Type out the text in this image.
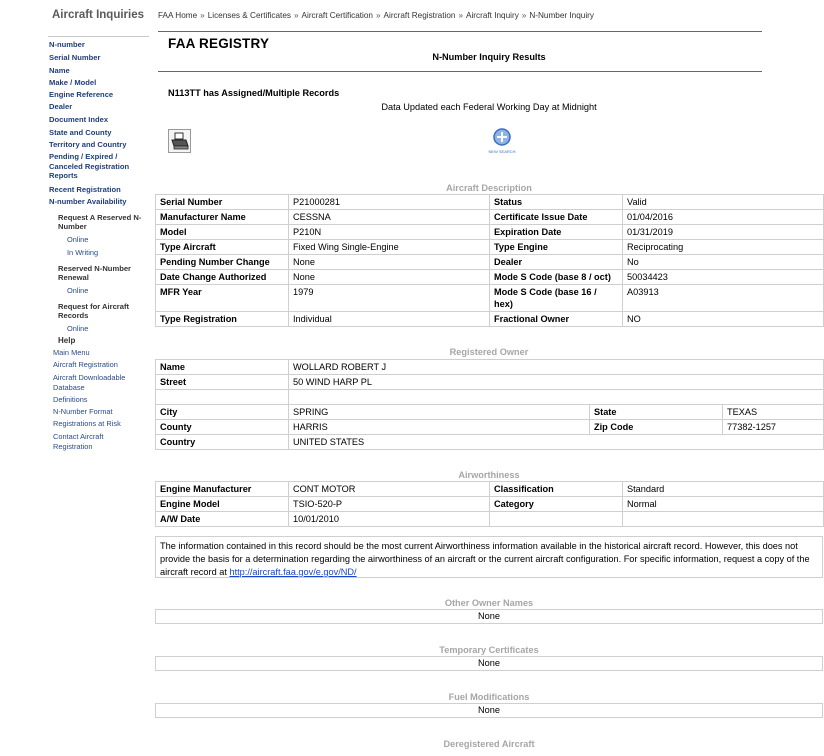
Aircraft Inquiries
N-number
Serial Number
Name
Make / Model
Engine Reference
Dealer
Document Index
State and County
Territory and Country
Pending / Expired / Canceled Registration Reports
Recent Registration
N-number Availability
Request A Reserved N-Number
Online
In Writing
Reserved N-Number Renewal
Online
Request for Aircraft Records
Online
Help
Main Menu
Aircraft Registration
Aircraft Downloadable Database
Definitions
N-Number Format
Registrations at Risk
Contact Aircraft Registration
FAA Home » Licenses & Certificates » Aircraft Certification » Aircraft Registration » Aircraft Inquiry » N-Number Inquiry
FAA REGISTRY
N-Number Inquiry Results
N113TT has Assigned/Multiple Records
Data Updated each Federal Working Day at Midnight
NEW SEARCH
Aircraft Description
Serial Number	P21000281	Status	Valid
Manufacturer Name	CESSNA	Certificate Issue Date	01/04/2016
Model	P210N	Expiration Date	01/31/2019
Type Aircraft	Fixed Wing Single-Engine	Type Engine	Reciprocating
Pending Number Change	None	Dealer	No
Date Change Authorized	None	Mode S Code (base 8 / oct)	50034423
MFR Year	1979	Mode S Code (base 16 / hex)	A03913
Type Registration	Individual	Fractional Owner	NO
Registered Owner
Name	WOLLARD ROBERT J		
Street	50 WIND HARP PL		

City	SPRING	State	TEXAS
County	HARRIS	Zip Code	77382-1257
Country	UNITED STATES		
Airworthiness
Engine Manufacturer	CONT MOTOR	Classification	Standard
Engine Model	TSIO-520-P	Category	Normal
A/W Date	10/01/2010		
The information contained in this record should be the most current Airworthiness information available in the historical aircraft record. However, this does not provide the basis for a determination regarding the airworthiness of an aircraft or the current aircraft configuration. For specific information, request a copy of the aircraft record at http://aircraft.faa.gov/e.gov/ND/
Other Owner Names
None
Temporary Certificates
None
Fuel Modifications
None
Deregistered Aircraft
